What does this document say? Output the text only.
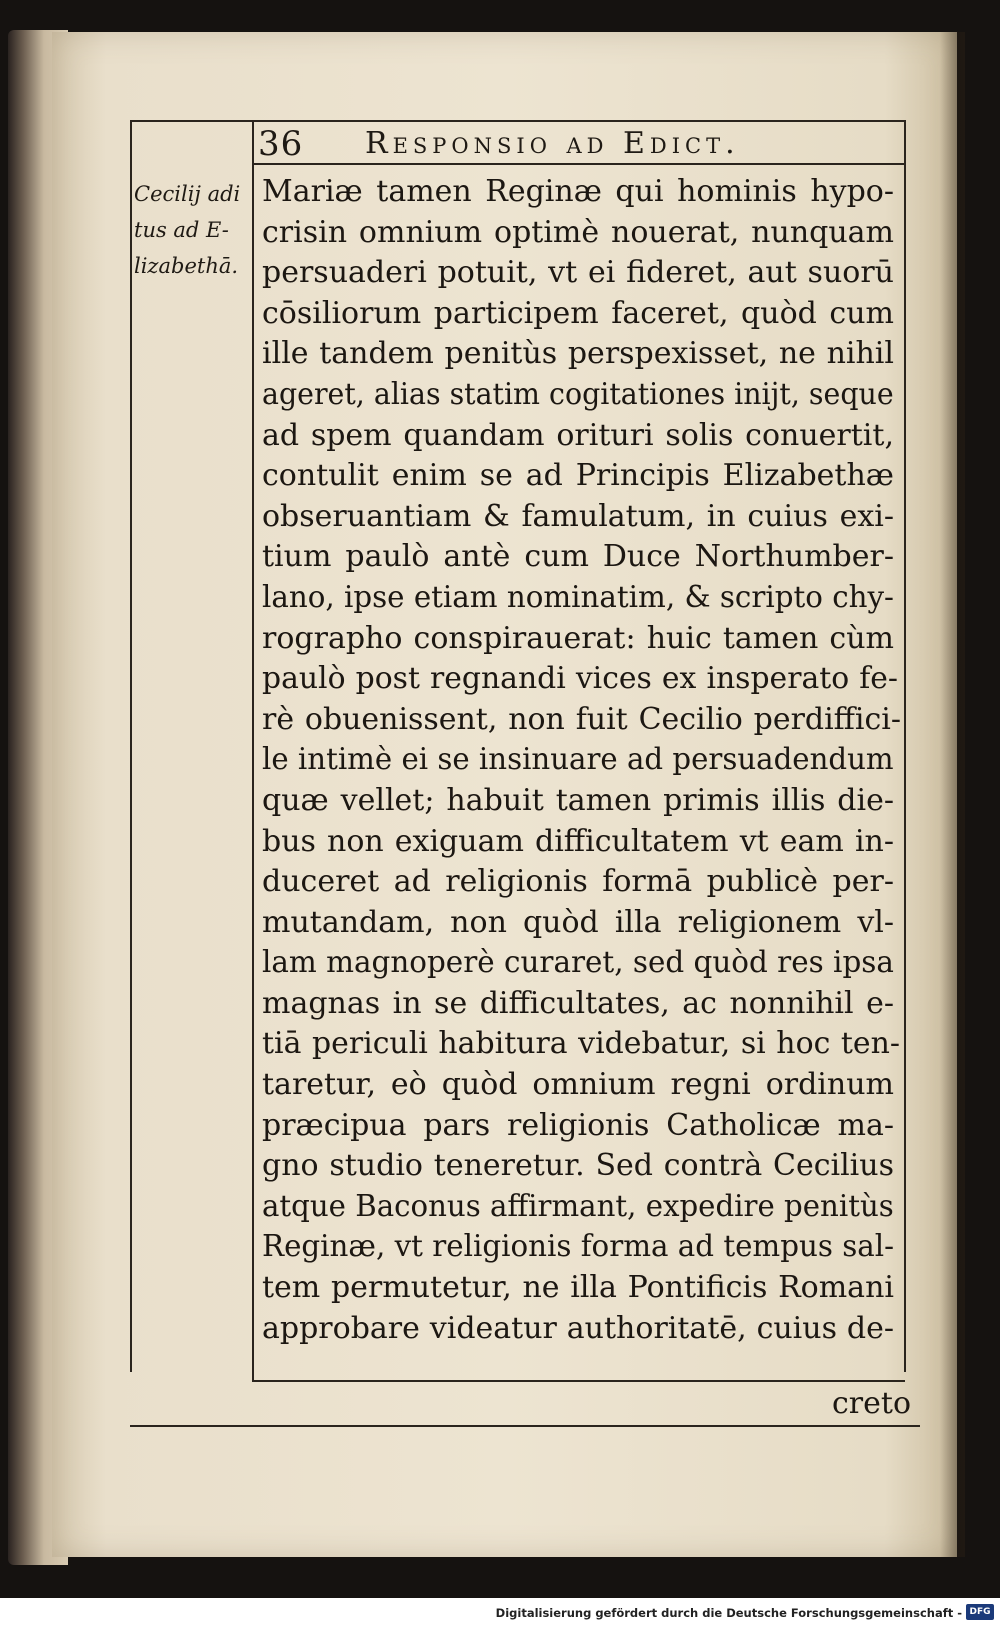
36 Responsio ad Edict.
Cecilij adi
tus ad E-
lizabethā.
Mariæ tamen Reginæ qui hominis hypo-
crisin omnium optimè nouerat, nunquam
persuaderi potuit, vt ei fideret, aut suorū
cōsiliorum participem faceret, quòd cum
ille tandem penitùs perspexisset, ne nihil
ageret, alias statim cogitationes inijt, seque
ad spem quandam orituri solis conuertit,
contulit enim se ad Principis Elizabethæ
obseruantiam & famulatum, in cuius exi-
tium paulò antè cum Duce Northumber-
lano, ipse etiam nominatim, & scripto chy-
rographo conspirauerat: huic tamen cùm
paulò post regnandi vices ex insperato fe-
rè obuenissent, non fuit Cecilio perdiffici-
le intimè ei se insinuare ad persuadendum
quæ vellet; habuit tamen primis illis die-
bus non exiguam difficultatem vt eam in-
duceret ad religionis formā publicè per-
mutandam, non quòd illa religionem vl-
lam magnoperè curaret, sed quòd res ipsa
magnas in se difficultates, ac nonnihil e-
tiā periculi habitura videbatur, si hoc ten-
taretur, eò quòd omnium regni ordinum
præcipua pars religionis Catholicæ ma-
gno studio teneretur. Sed contrà Cecilius
atque Baconus affirmant, expedire penitùs
Reginæ, vt religionis forma ad tempus sal-
tem permutetur, ne illa Pontificis Romani
approbare videatur authoritatē, cuius de-
creto
Digitalisierung gefördert durch die Deutsche Forschungsgemeinschaft - DFG
